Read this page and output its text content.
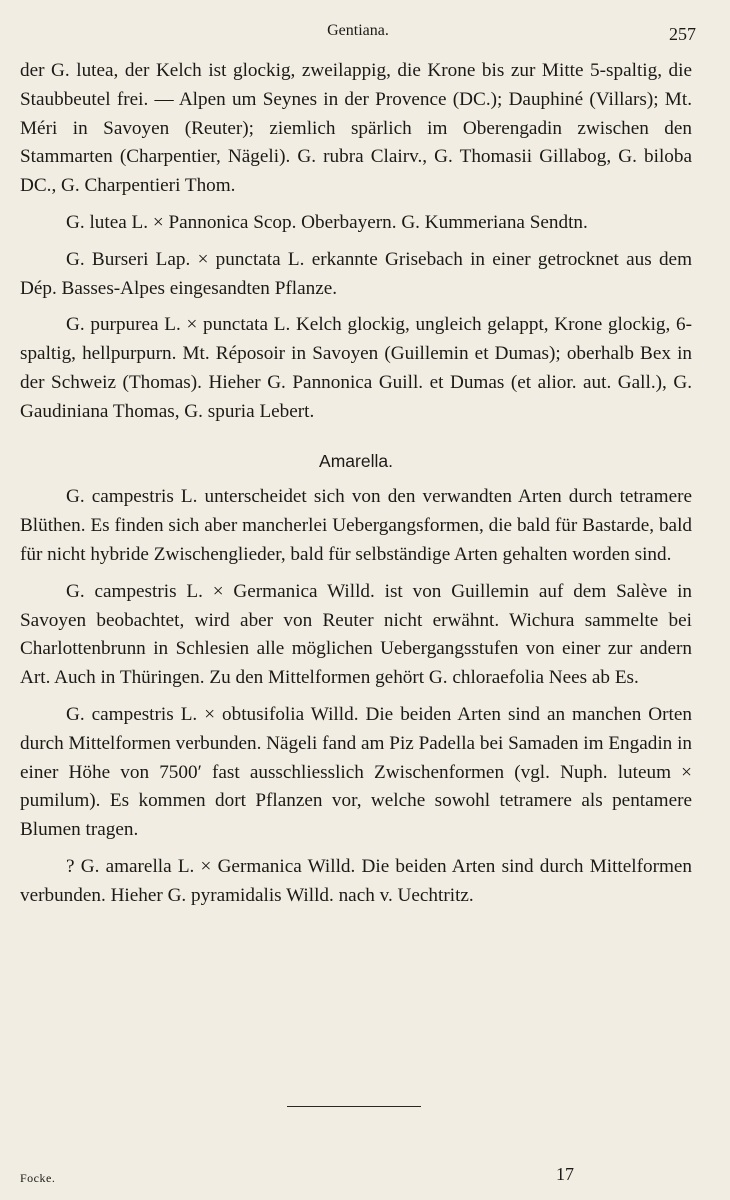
Gentiana.	257

der G. lutea, der Kelch ist glockig, zweilappig, die Krone bis zur Mitte 5-spaltig, die Staubbeutel frei. — Alpen um Seynes in der Provence (DC.); Dauphiné (Villars); Mt. Méri in Savoyen (Reuter); ziemlich spärlich im Oberengadin zwischen den Stammarten (Charpentier, Nägeli). G. rubra Clairv., G. Thomasii Gillabog, G. biloba DC., G. Charpentieri Thom.

G. lutea L. × Pannonica Scop. Oberbayern. G. Kummeriana Sendtn.

G. Burseri Lap. × punctata L. erkannte Grisebach in einer getrocknet aus dem Dép. Basses-Alpes eingesandten Pflanze.

G. purpurea L. × punctata L. Kelch glockig, ungleich gelappt, Krone glockig, 6-spaltig, hellpurpurn. Mt. Réposoir in Savoyen (Guillemin et Dumas); oberhalb Bex in der Schweiz (Thomas). Hieher G. Pannonica Guill. et Dumas (et alior. aut. Gall.), G. Gaudiniana Thomas, G. spuria Lebert.

Amarella.

G. campestris L. unterscheidet sich von den verwandten Arten durch tetramere Blüthen. Es finden sich aber mancherlei Uebergangsformen, die bald für Bastarde, bald für nicht hybride Zwischenglieder, bald für selbständige Arten gehalten worden sind.

G. campestris L. × Germanica Willd. ist von Guillemin auf dem Salève in Savoyen beobachtet, wird aber von Reuter nicht erwähnt. Wichura sammelte bei Charlottenbrunn in Schlesien alle möglichen Uebergangsstufen von einer zur andern Art. Auch in Thüringen. Zu den Mittelformen gehört G. chloraefolia Nees ab Es.

G. campestris L. × obtusifolia Willd. Die beiden Arten sind an manchen Orten durch Mittelformen verbunden. Nägeli fand am Piz Padella bei Samaden im Engadin in einer Höhe von 7500′ fast ausschliesslich Zwischenformen (vgl. Nuph. luteum × pumilum). Es kommen dort Pflanzen vor, welche sowohl tetramere als pentamere Blumen tragen.

? G. amarella L. × Germanica Willd. Die beiden Arten sind durch Mittelformen verbunden. Hieher G. pyramidalis Willd. nach v. Uechtritz.

Focke.	17
